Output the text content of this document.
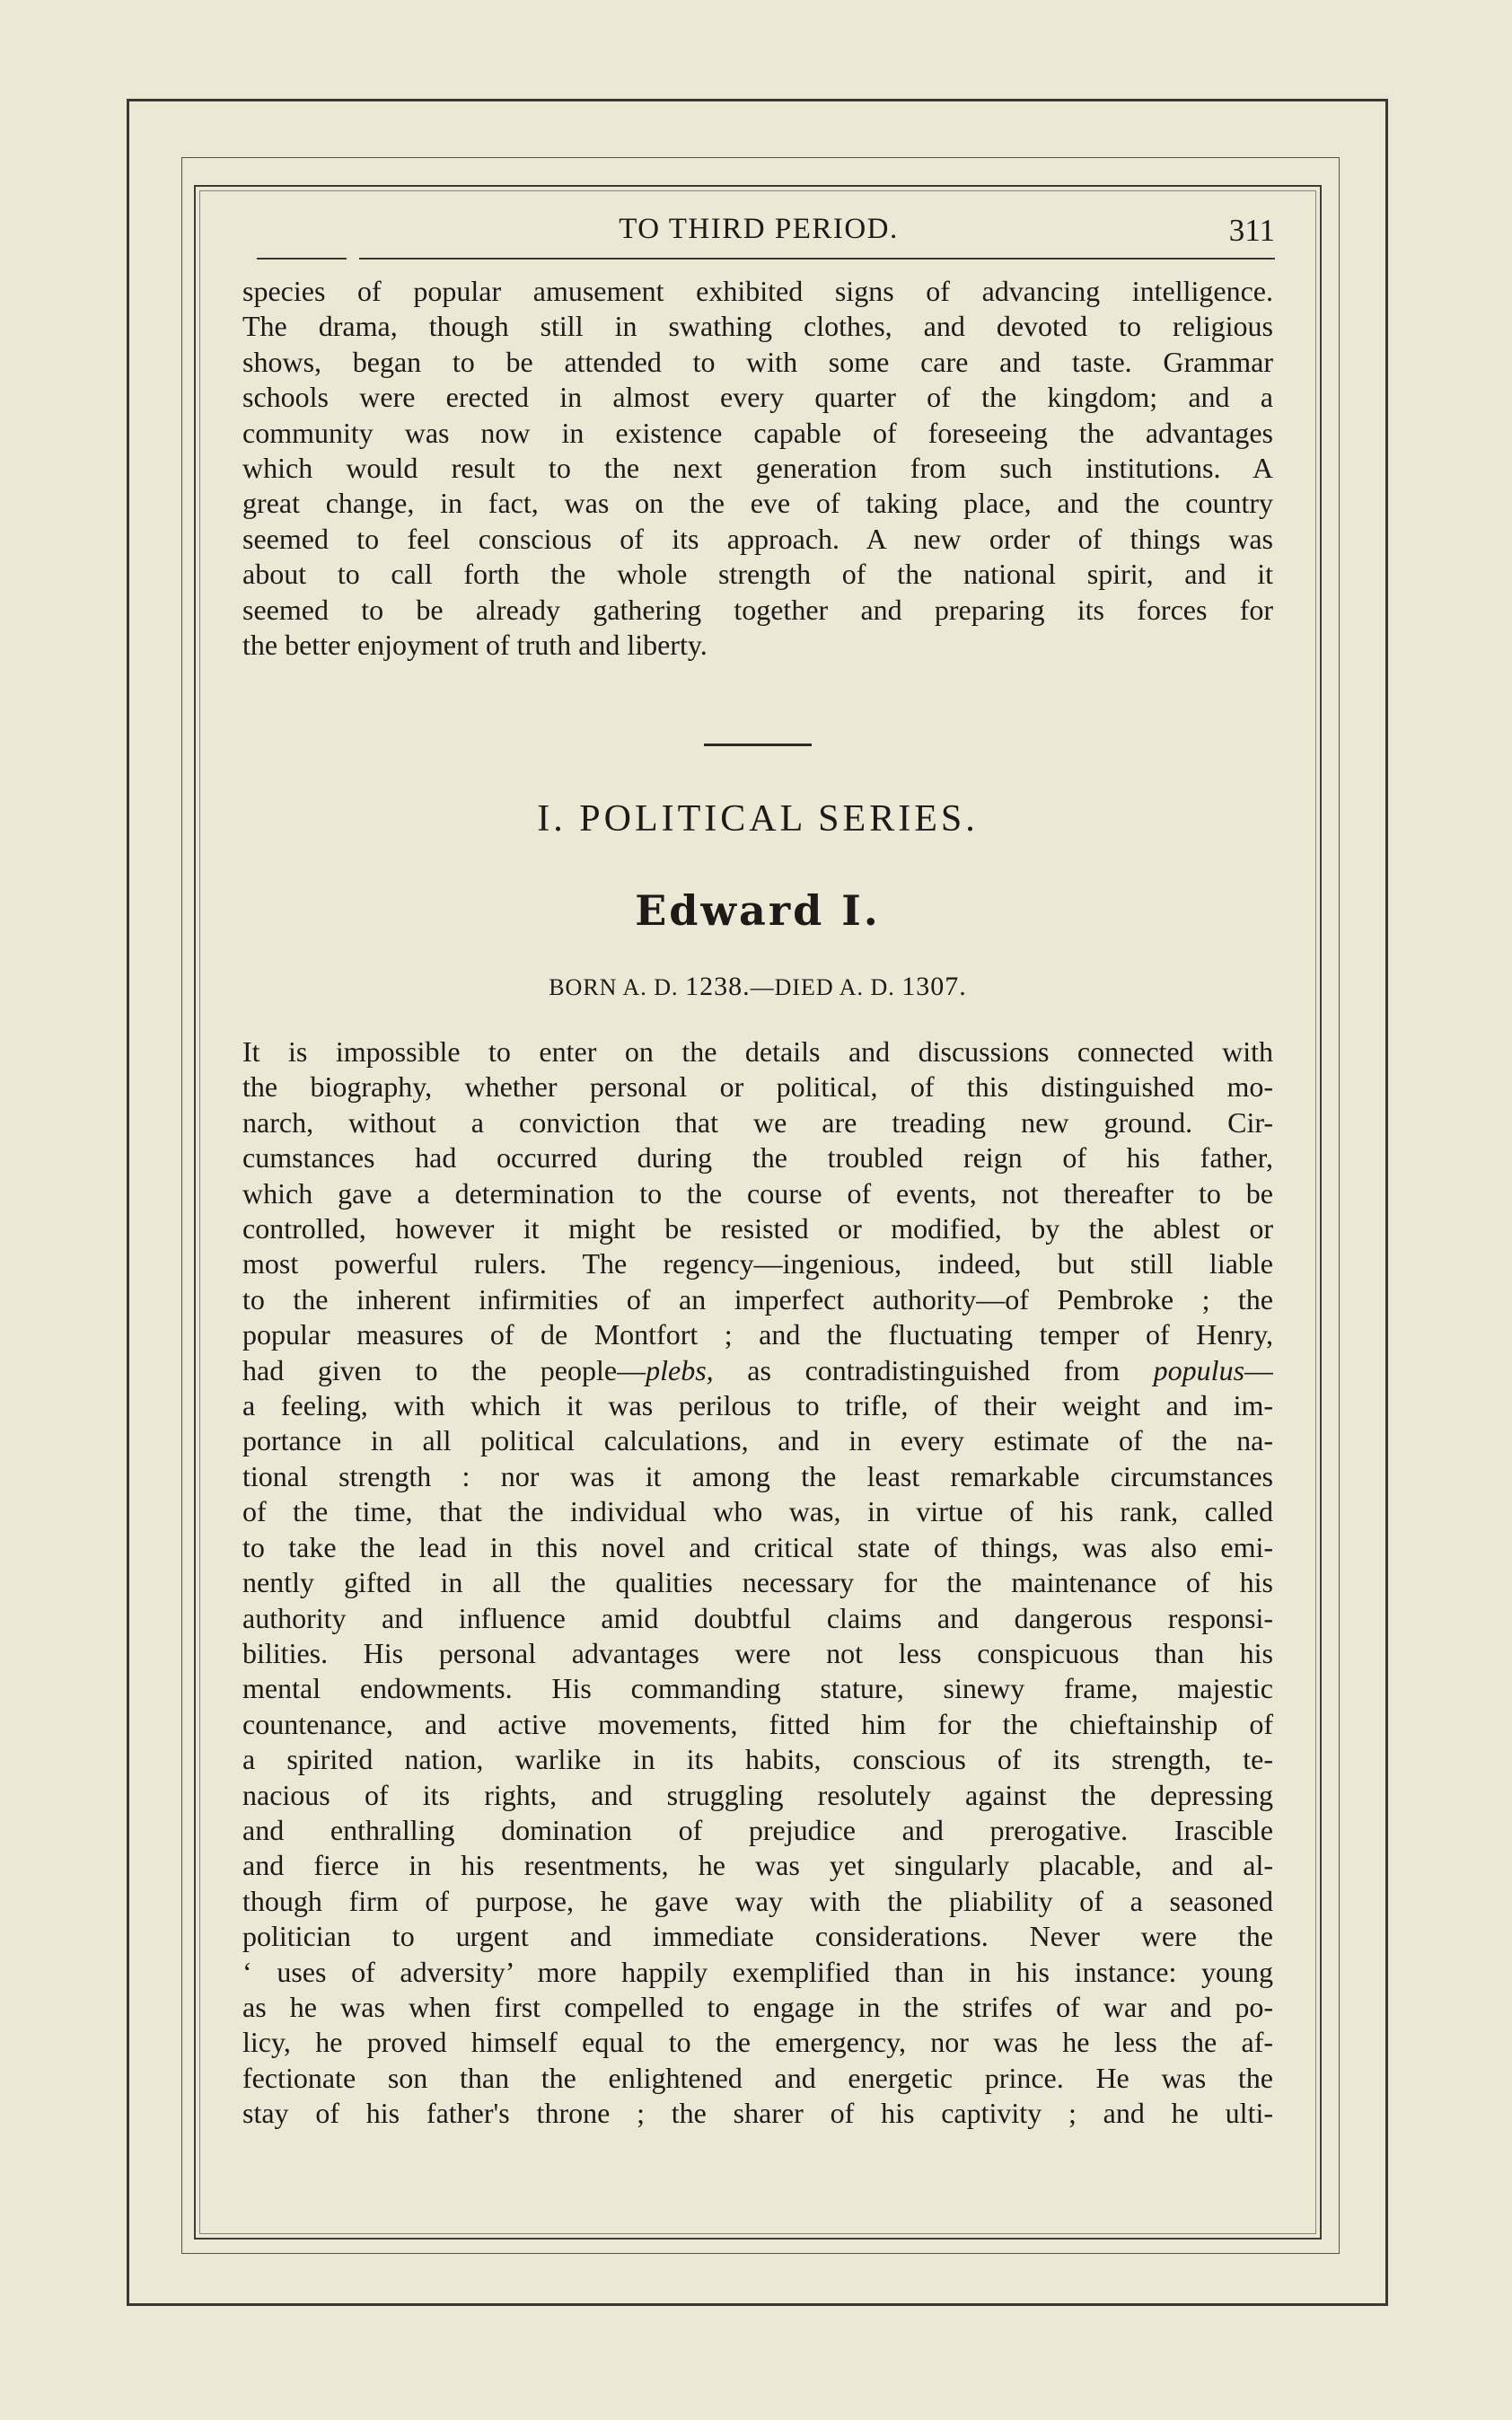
TO THIRD PERIOD.	311
species of popular amusement exhibited signs of advancing intelligence.
The drama, though still in swathing clothes, and devoted to religious
shows, began to be attended to with some care and taste. Grammar
schools were erected in almost every quarter of the kingdom; and a
community was now in existence capable of foreseeing the advantages
which would result to the next generation from such institutions. A
great change, in fact, was on the eve of taking place, and the country
seemed to feel conscious of its approach. A new order of things was
about to call forth the whole strength of the national spirit, and it
seemed to be already gathering together and preparing its forces for
the better enjoyment of truth and liberty.
I. POLITICAL SERIES.
Edward I.
BORN A. D. 1238.—DIED A. D. 1307.
It is impossible to enter on the details and discussions connected with
the biography, whether personal or political, of this distinguished mo-
narch, without a conviction that we are treading new ground. Cir-
cumstances had occurred during the troubled reign of his father,
which gave a determination to the course of events, not thereafter to be
controlled, however it might be resisted or modified, by the ablest or
most powerful rulers. The regency—ingenious, indeed, but still liable
to the inherent infirmities of an imperfect authority—of Pembroke ; the
popular measures of de Montfort ; and the fluctuating temper of Henry,
had given to the people—plebs, as contradistinguished from populus—
a feeling, with which it was perilous to trifle, of their weight and im-
portance in all political calculations, and in every estimate of the na-
tional strength : nor was it among the least remarkable circumstances
of the time, that the individual who was, in virtue of his rank, called
to take the lead in this novel and critical state of things, was also emi-
nently gifted in all the qualities necessary for the maintenance of his
authority and influence amid doubtful claims and dangerous responsi-
bilities. His personal advantages were not less conspicuous than his
mental endowments. His commanding stature, sinewy frame, majestic
countenance, and active movements, fitted him for the chieftainship of
a spirited nation, warlike in its habits, conscious of its strength, te-
nacious of its rights, and struggling resolutely against the depressing
and enthralling domination of prejudice and prerogative. Irascible
and fierce in his resentments, he was yet singularly placable, and al-
though firm of purpose, he gave way with the pliability of a seasoned
politician to urgent and immediate considerations. Never were the
‘ uses of adversity’ more happily exemplified than in his instance: young
as he was when first compelled to engage in the strifes of war and po-
licy, he proved himself equal to the emergency, nor was he less the af-
fectionate son than the enlightened and energetic prince. He was the
stay of his father's throne ; the sharer of his captivity ; and he ulti-
